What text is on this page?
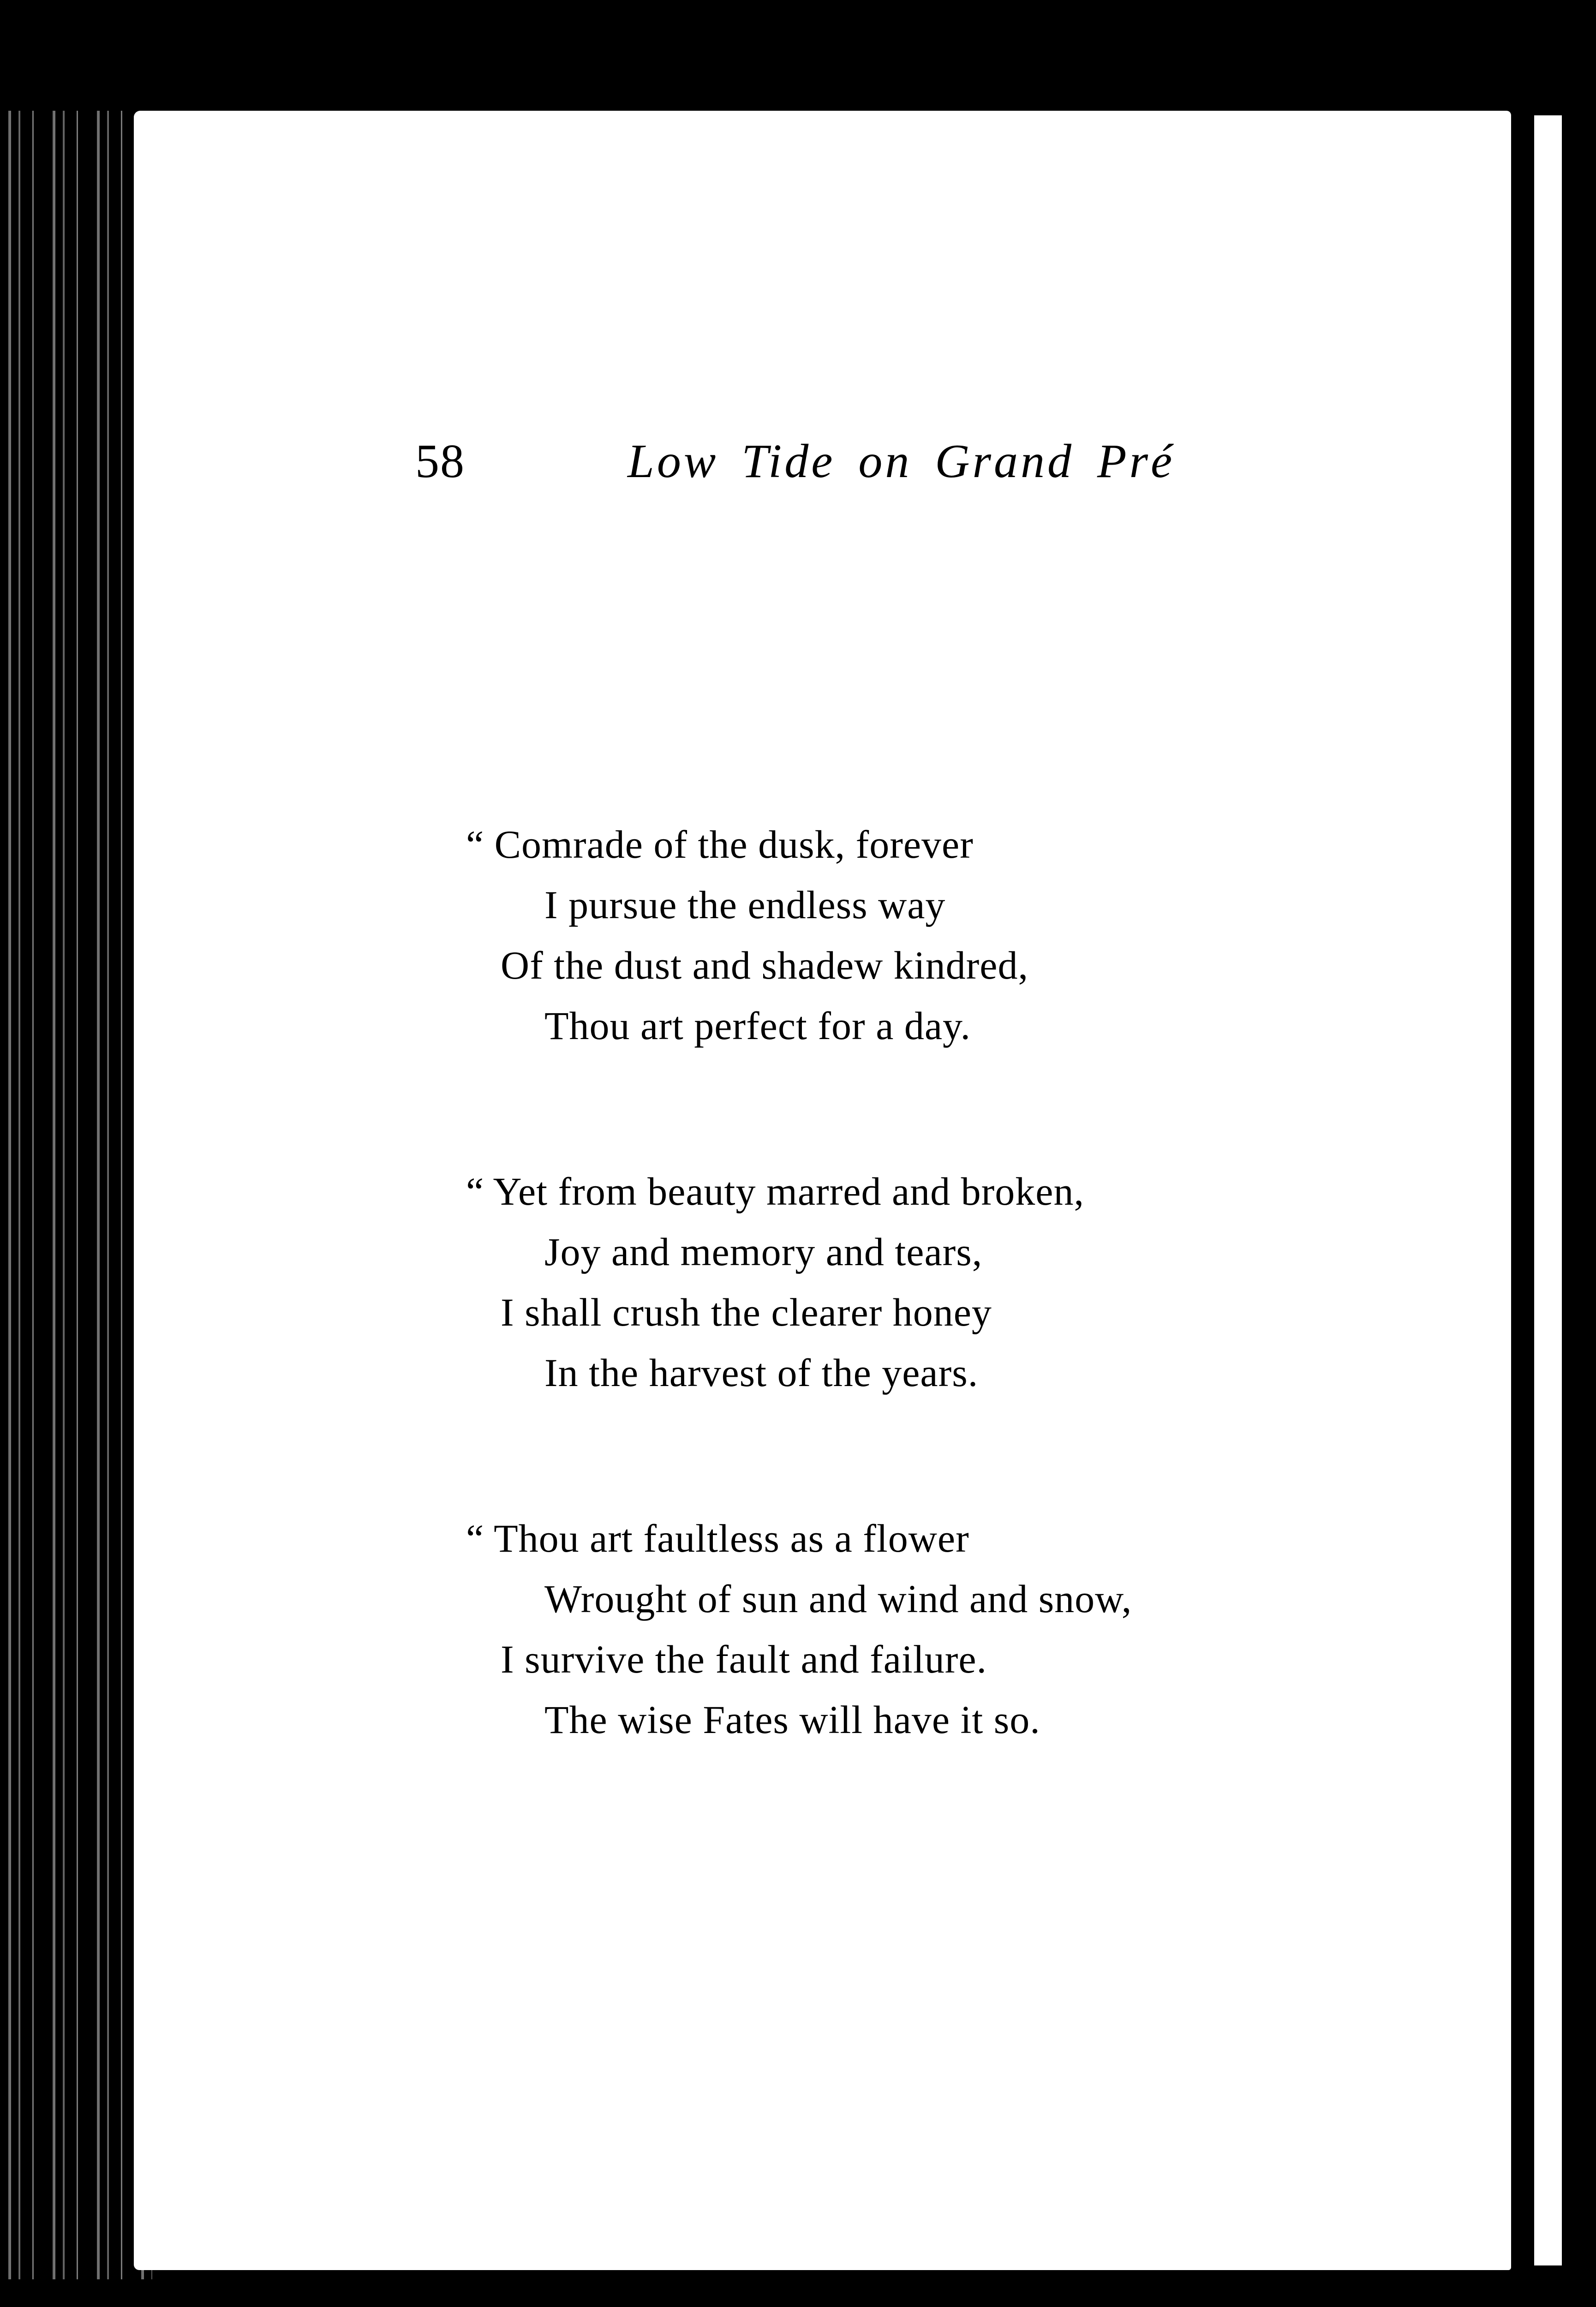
58	Low Tide on Grand Pré
“ Comrade of the dusk, forever
I pursue the endless way
Of the dust and shadew kindred,
Thou art perfect for a day.
“ Yet from beauty marred and broken,
Joy and memory and tears,
I shall crush the clearer honey
In the harvest of the years.
“ Thou art faultless as a flower
Wrought of sun and wind and snow,
I survive the fault and failure.
The wise Fates will have it so.
